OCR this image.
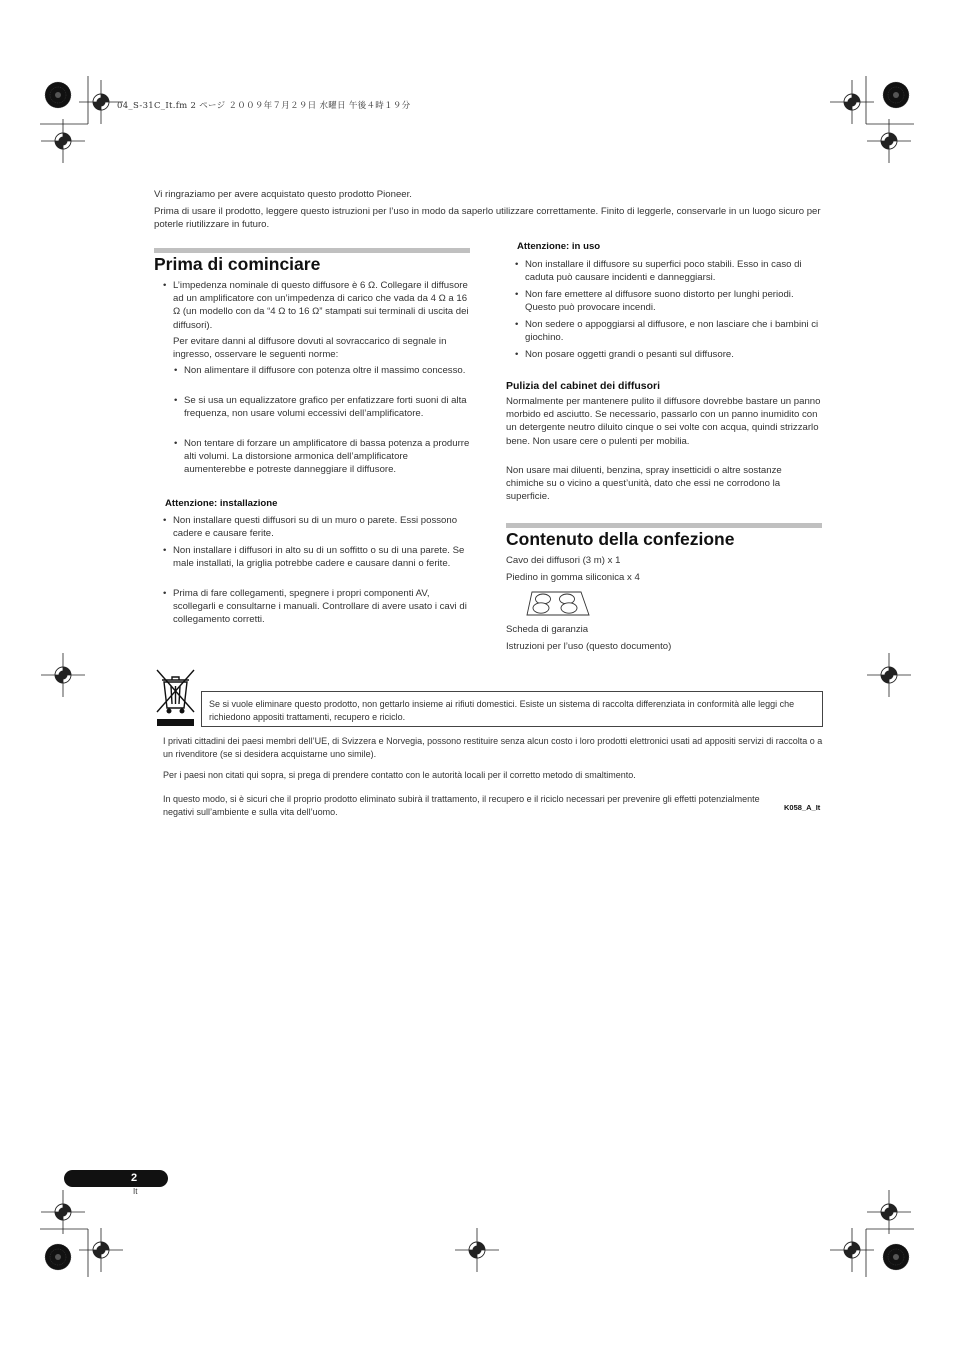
04_S-31C_It.fm 2 ページ ２００９年７月２９日 水曜日 午後４時１９分

Vi ringraziamo per avere acquistato questo prodotto Pioneer.

Prima di usare il prodotto, leggere questo istruzioni per l’uso in modo da saperlo utilizzare correttamente. Finito di leggerle, conservarle in un luogo sicuro per poterle riutilizzare in futuro.

Prima di cominciare
• L’impedenza nominale di questo diffusore è 6 Ω. Collegare il diffusore ad un amplificatore con un’impedenza di carico che vada da 4 Ω a 16 Ω (un modello con da “4 Ω to 16 Ω” stampati sui terminali di uscita dei diffusori).
Per evitare danni al diffusore dovuti al sovraccarico di segnale in ingresso, osservare le seguenti norme:
• Non alimentare il diffusore con potenza oltre il massimo concesso.
• Se si usa un equalizzatore grafico per enfatizzare forti suoni di alta frequenza, non usare volumi eccessivi dell’amplificatore.
• Non tentare di forzare un amplificatore di bassa potenza a produrre alti volumi. La distorsione armonica dell’amplificatore aumenterebbe e potreste danneggiare il diffusore.
Attenzione: installazione
• Non installare questi diffusori su di un muro o parete. Essi possono cadere e causare ferite.
• Non installare i diffusori in alto su di un soffitto o su di una parete. Se male installati, la griglia potrebbe cadere e causare danni o ferite.
• Prima di fare collegamenti, spegnere i propri componenti AV, scollegarli e consultarne i manuali. Controllare di avere usato i cavi di collegamento corretti.
Attenzione: in uso
• Non installare il diffusore su superfici poco stabili. Esso in caso di caduta può causare incidenti e danneggiarsi.
• Non fare emettere al diffusore suono distorto per lunghi periodi. Questo può provocare incendi.
• Non sedere o appoggiarsi al diffusore, e non lasciare che i bambini ci giochino.
• Non posare oggetti grandi o pesanti sul diffusore.
Pulizia del cabinet dei diffusori

Normalmente per mantenere pulito il diffusore dovrebbe bastare un panno morbido ed asciutto. Se necessario, passarlo con un panno inumidito con un detergente neutro diluito cinque o sei volte con acqua, quindi strizzarlo bene. Non usare cere o pulenti per mobilia.

Non usare mai diluenti, benzina, spray insetticidi o altre sostanze chimiche su o vicino a quest’unità, dato che essi ne corrodono la superficie.

Contenuto della confezione

Cavo dei diffusori (3 m) x 1

Piedino in gomma siliconica x 4

Scheda di garanzia

Istruzioni per l’uso (questo documento)

Se si vuole eliminare questo prodotto, non gettarlo insieme ai rifiuti domestici. Esiste un sistema di raccolta differenziata in conformità alle leggi che richiedono appositi trattamenti, recupero e riciclo.

I privati cittadini dei paesi membri dell’UE, di Svizzera e Norvegia, possono restituire senza alcun costo i loro prodotti elettronici usati ad appositi servizi di raccolta o a un rivenditore (se si desidera acquistarne uno simile).

Per i paesi non citati qui sopra, si prega di prendere contatto con le autorità locali per il corretto metodo di smaltimento.

In questo modo, si è sicuri che il proprio prodotto eliminato subirà il trattamento, il recupero e il riciclo necessari per prevenire gli effetti potenzialmente negativi sull’ambiente e sulla vita dell’uomo.	K058_A_It
2
It
